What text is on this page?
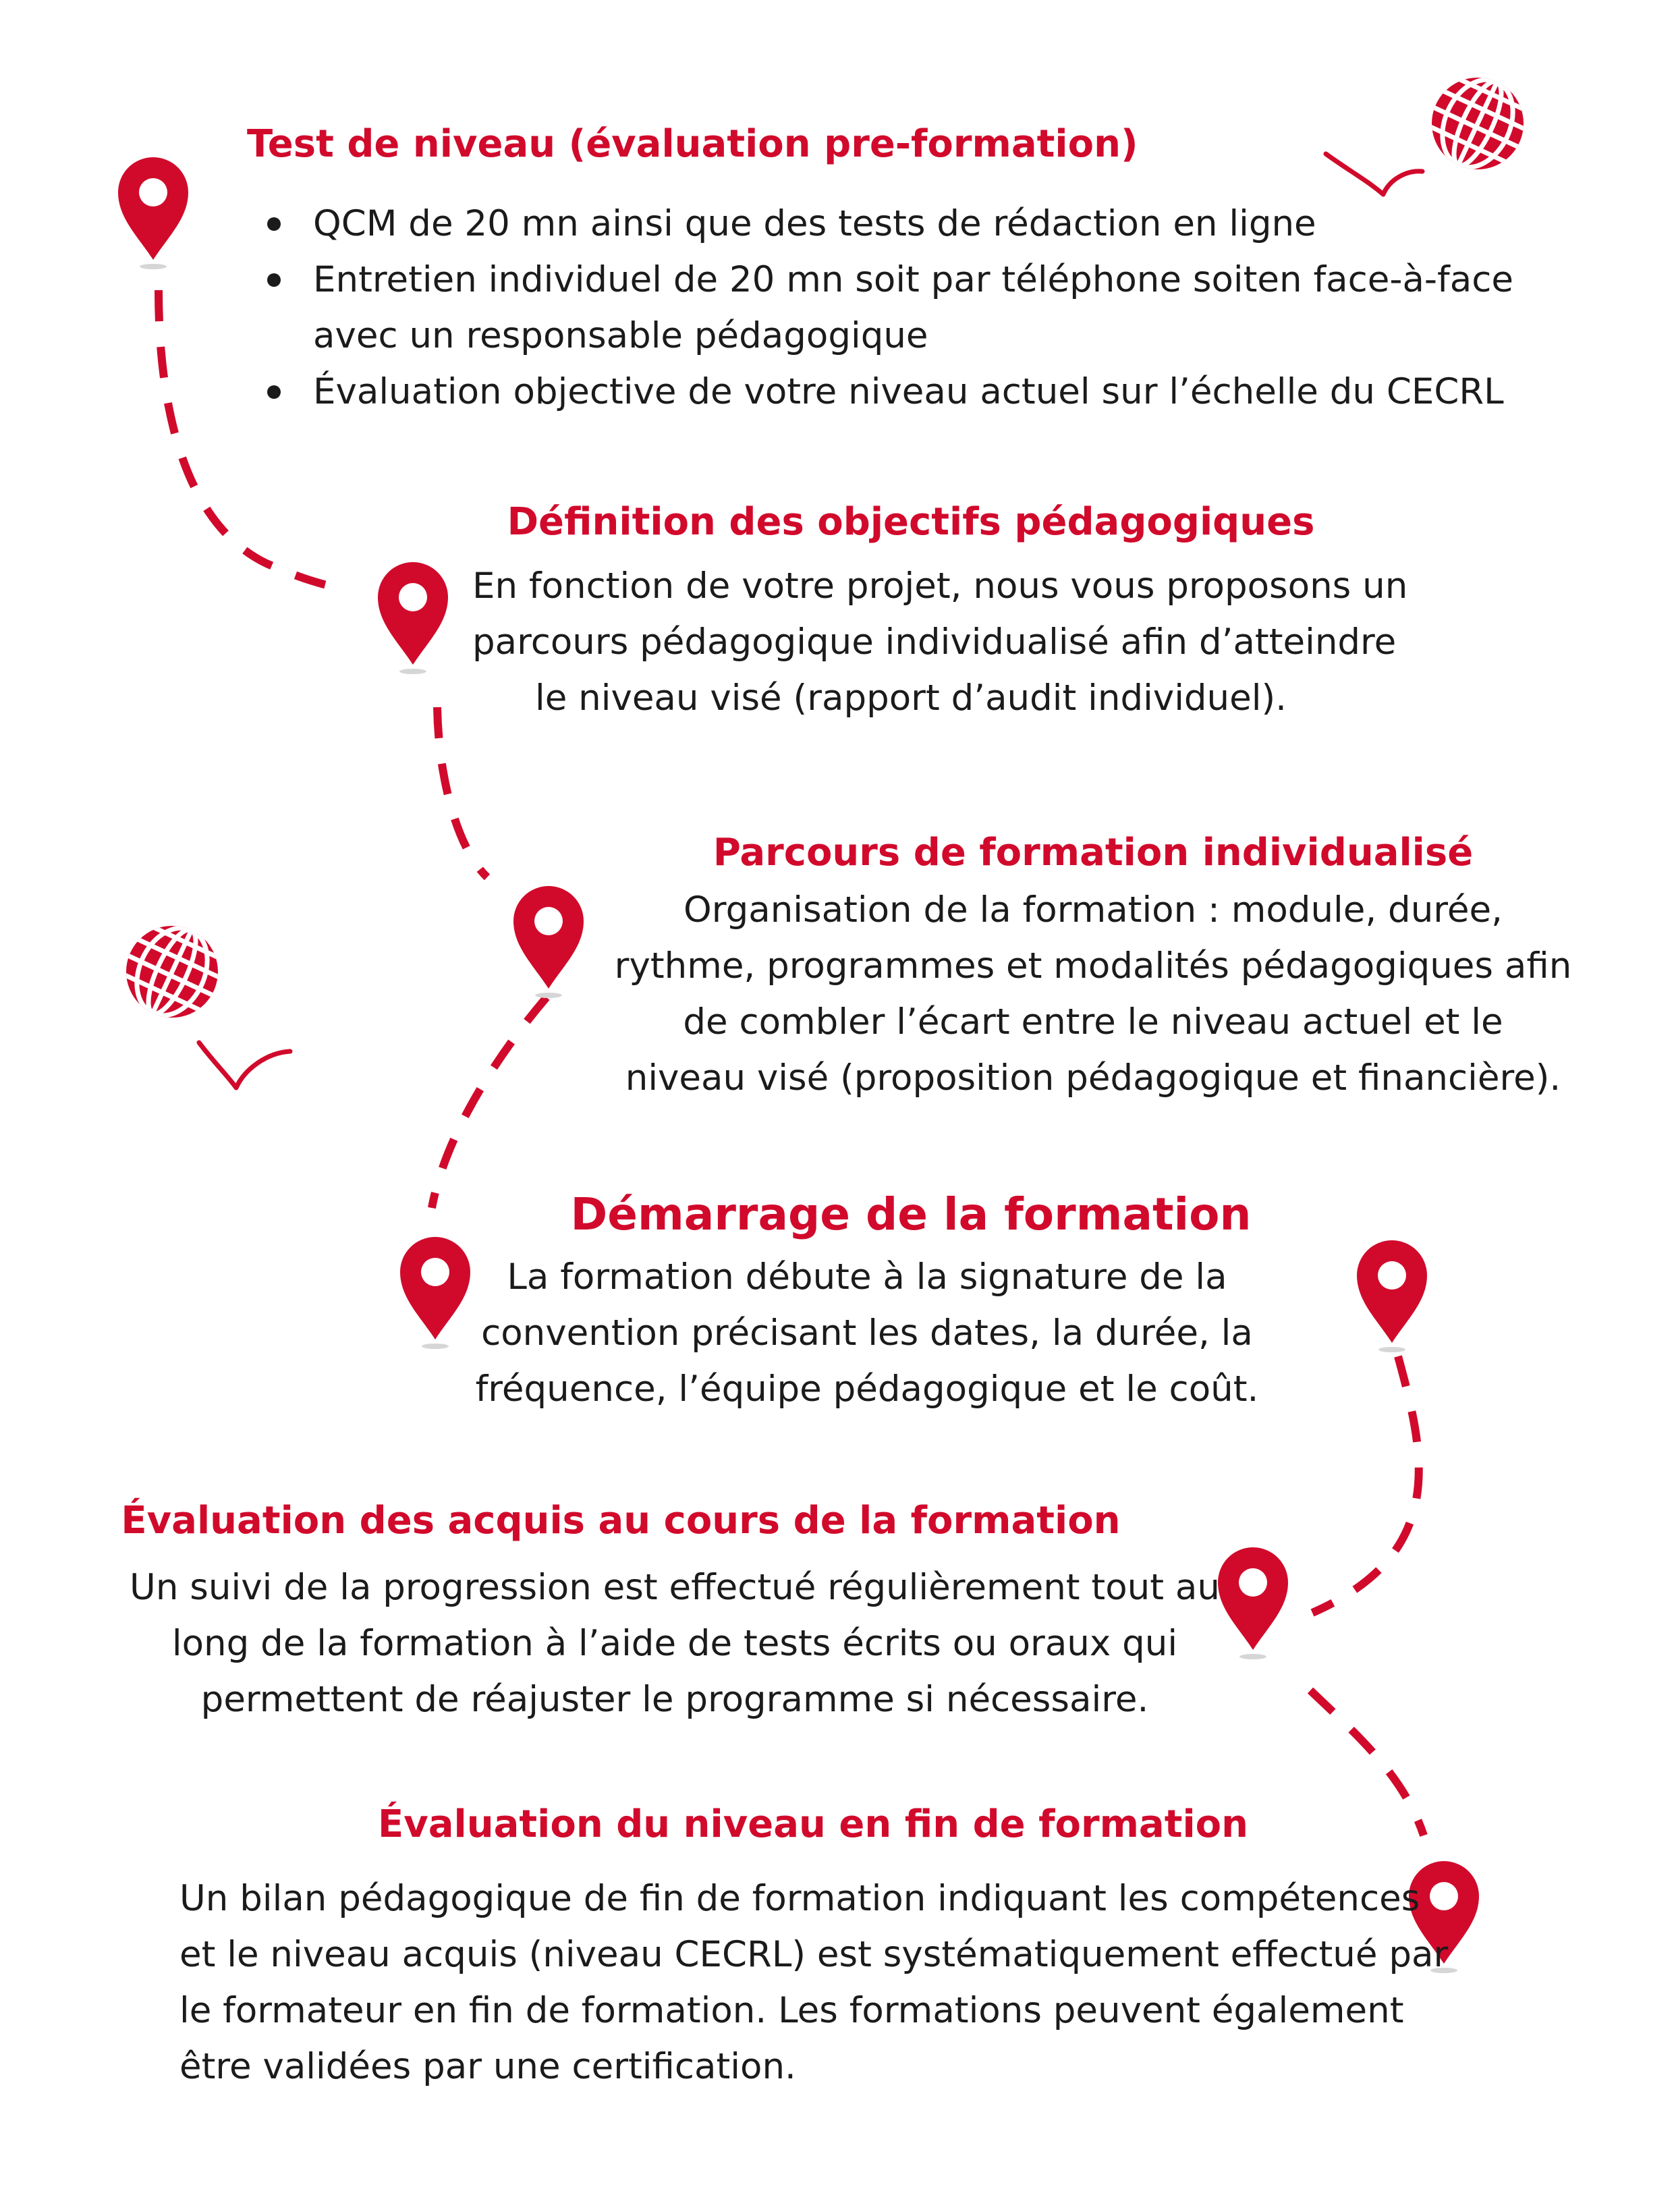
Test de niveau (évaluation pre-formation)
QCM de 20 mn ainsi que des tests de rédaction en ligne
Entretien individuel de 20 mn soit par téléphone soiten face-à-face
avec un responsable pédagogique
Évaluation objective de votre niveau actuel sur l’échelle du CECRL
Définition des objectifs pédagogiques

En fonction de votre projet, nous vous proposons un
parcours pédagogique individualisé afin d’atteindre
le niveau visé (rapport d’audit individuel).

Parcours de formation individualisé

Organisation de la formation : module, durée,
rythme, programmes et modalités pédagogiques afin
de combler l’écart entre le niveau actuel et le
niveau visé (proposition pédagogique et financière).

Démarrage de la formation

La formation débute à la signature de la
convention précisant les dates, la durée, la
fréquence, l’équipe pédagogique et le coût.

Évaluation des acquis au cours de la formation

Un suivi de la progression est effectué régulièrement tout au
long de la formation à l’aide de tests écrits ou oraux qui
permettent de réajuster le programme si nécessaire.

Évaluation du niveau en fin de formation

Un bilan pédagogique de fin de formation indiquant les compétences
et le niveau acquis (niveau CECRL) est systématiquement effectué par
le formateur en fin de formation. Les formations peuvent également
être validées par une certification.
